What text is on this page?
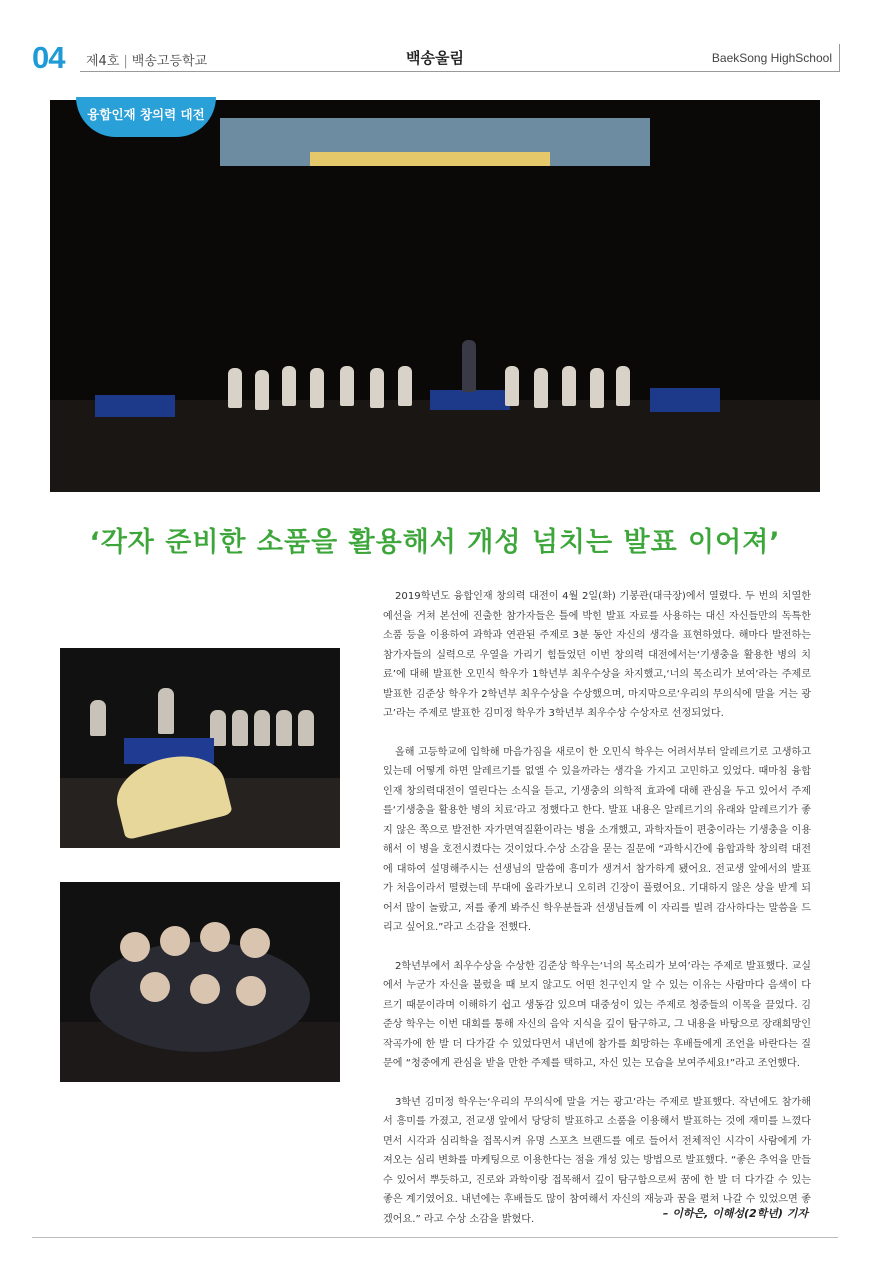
04 제4호 | 백송고등학교	백송울림	BaekSong HighSchool
융합인재 창의력 대전
‘각자 준비한 소품을 활용해서 개성 넘치는 발표 이어져’

2019학년도 융합인재 창의력 대전이 4월 2일(화) 기봉관(대극장)에서 열렸다. 두 번의 치열한 예선을 거쳐 본선에 진출한 참가자들은 틀에 박힌 발표 자료를 사용하는 대신 자신들만의 독특한 소품 등을 이용하여 과학과 연관된 주제로 3분 동안 자신의 생각을 표현하였다. 해마다 발전하는 참가자들의 실력으로 우열을 가리기 힘들었던 이번 창의력 대전에서는‘기생충을 활용한 병의 치료’에 대해 발표한 오민식 학우가 1학년부 최우수상을 차지했고,‘너의 목소리가 보여’라는 주제로 발표한 김준상 학우가 2학년부 최우수상을 수상했으며, 마지막으로‘우리의 무의식에 말을 거는 광고’라는 주제로 발표한 김미정 학우가 3학년부 최우수상 수상자로 선정되었다.

올해 고등학교에 입학해 마음가짐을 새로이 한 오민식 학우는 어려서부터 알레르기로 고생하고 있는데 어떻게 하면 알레르기를 없앨 수 있을까라는 생각을 가지고 고민하고 있었다. 때마침 융합인재 창의력대전이 열린다는 소식을 듣고, 기생충의 의학적 효과에 대해 관심을 두고 있어서 주제를‘기생충을 활용한 병의 치료’라고 정했다고 한다. 발표 내용은 알레르기의 유래와 알레르기가 좋지 않은 쪽으로 발전한 자가면역질환이라는 병을 소개했고, 과학자들이 편충이라는 기생충을 이용해서 이 병을 호전시켰다는 것이었다.수상 소감을 묻는 질문에 “과학시간에 융합과학 창의력 대전에 대하여 설명해주시는 선생님의 말씀에 흥미가 생겨서 참가하게 됐어요. 전교생 앞에서의 발표가 처음이라서 떨렸는데 무대에 올라가보니 오히려 긴장이 풀렸어요. 기대하지 않은 상을 받게 되어서 많이 놀랐고, 저를 좋게 봐주신 학우분들과 선생님들께 이 자리를 빌려 감사하다는 말씀을 드리고 싶어요.”라고 소감을 전했다.

2학년부에서 최우수상을 수상한 김준상 학우는‘너의 목소리가 보여’라는 주제로 발표했다. 교실에서 누군가 자신을 불렀을 때 보지 않고도 어떤 친구인지 알 수 있는 이유는 사람마다 음색이 다르기 때문이라며 이해하기 쉽고 생동감 있으며 대중성이 있는 주제로 청중들의 이목을 끌었다. 김준상 학우는 이번 대회를 통해 자신의 음악 지식을 깊이 탐구하고, 그 내용을 바탕으로 장래희망인 작곡가에 한 발 더 다가갈 수 있었다면서 내년에 참가를 희망하는 후배들에게 조언을 바란다는 질문에 “청중에게 관심을 받을 만한 주제를 택하고, 자신 있는 모습을 보여주세요!”라고 조언했다.

3학년 김미정 학우는‘우리의 무의식에 말을 거는 광고’라는 주제로 발표했다. 작년에도 참가해서 흥미를 가졌고, 전교생 앞에서 당당히 발표하고 소품을 이용해서 발표하는 것에 재미를 느꼈다면서 시각과 심리학을 접목시켜 유명 스포츠 브랜드를 예로 들어서 전체적인 시각이 사람에게 가져오는 심리 변화를 마케팅으로 이용한다는 점을 개성 있는 방법으로 발표했다. “좋은 추억을 만들 수 있어서 뿌듯하고, 진로와 과학이랑 접목해서 깊이 탐구함으로써 꿈에 한 발 더 다가갈 수 있는 좋은 계기였어요. 내년에는 후배들도 많이 참여해서 자신의 재능과 꿈을 펼쳐 나갈 수 있었으면 좋겠어요.” 라고 수상 소감을 밝혔다.	– 이하은, 이해성(2학년) 기자
